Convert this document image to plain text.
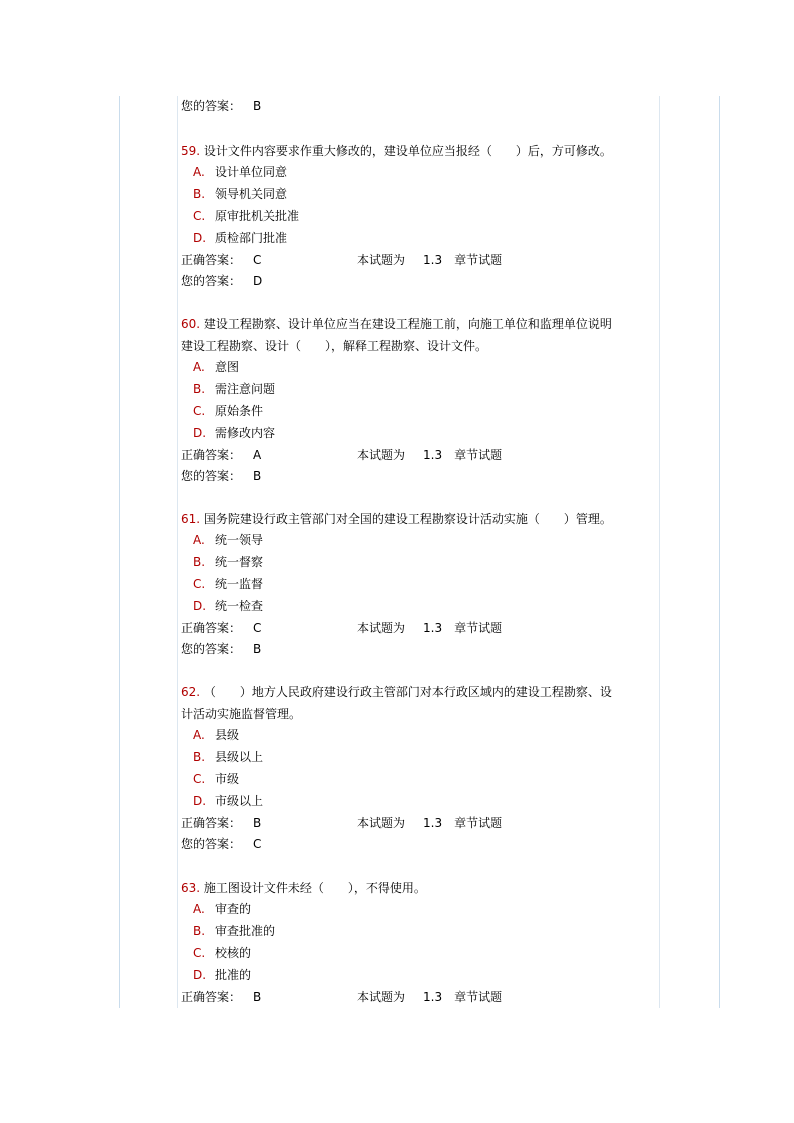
您的答案： B
59. 设计文件内容要求作重大修改的，建设单位应当报经（　　）后，方可修改。
A. 设计单位同意
B. 领导机关同意
C. 原审批机关批准
D. 质检部门批准
正确答案： C	本试题为 1.3 章节试题
您的答案： D
60. 建设工程勘察、设计单位应当在建设工程施工前，向施工单位和监理单位说明
建设工程勘察、设计（　　），解释工程勘察、设计文件。
A. 意图
B. 需注意问题
C. 原始条件
D. 需修改内容
正确答案： A	本试题为 1.3 章节试题
您的答案： B
61. 国务院建设行政主管部门对全国的建设工程勘察设计活动实施（　　）管理。
A. 统一领导
B. 统一督察
C. 统一监督
D. 统一检查
正确答案： C	本试题为 1.3 章节试题
您的答案： B
62. （　　）地方人民政府建设行政主管部门对本行政区域内的建设工程勘察、设
计活动实施监督管理。
A. 县级
B. 县级以上
C. 市级
D. 市级以上
正确答案： B	本试题为 1.3 章节试题
您的答案： C
63. 施工图设计文件未经（　　），不得使用。
A. 审查的
B. 审查批准的
C. 校核的
D. 批准的
正确答案： B	本试题为 1.3 章节试题
